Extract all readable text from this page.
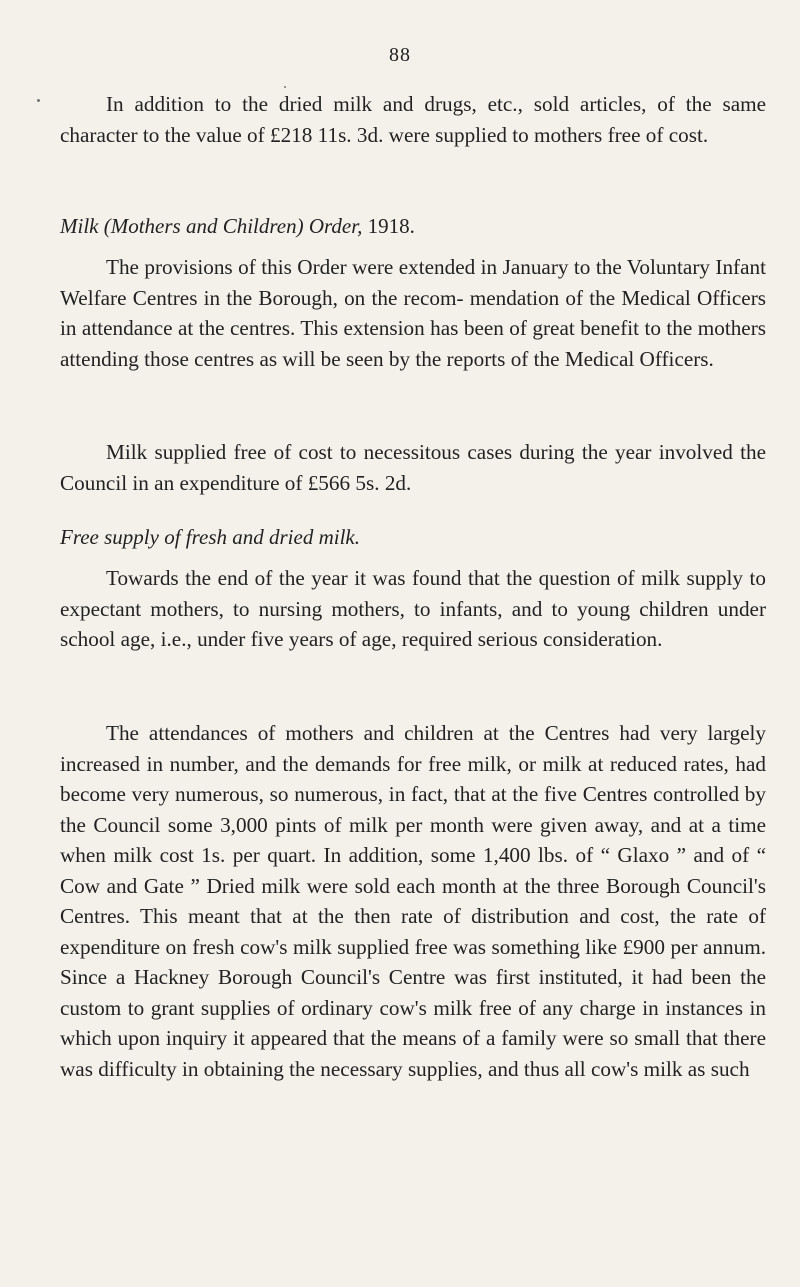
88

In addition to the dried milk and drugs, etc., sold articles, of the same character to the value of £218 11s. 3d. were supplied to mothers free of cost.

Milk (Mothers and Children) Order, 1918.

The provisions of this Order were extended in January to the Voluntary Infant Welfare Centres in the Borough, on the recom- mendation of the Medical Officers in attendance at the centres. This extension has been of great benefit to the mothers attending those centres as will be seen by the reports of the Medical Officers.

Milk supplied free of cost to necessitous cases during the year involved the Council in an expenditure of £566 5s. 2d.

Free supply of fresh and dried milk.

Towards the end of the year it was found that the question of milk supply to expectant mothers, to nursing mothers, to infants, and to young children under school age, i.e., under five years of age, required serious consideration.

The attendances of mothers and children at the Centres had very largely increased in number, and the demands for free milk, or milk at reduced rates, had become very numerous, so numerous, in fact, that at the five Centres controlled by the Council some 3,000 pints of milk per month were given away, and at a time when milk cost 1s. per quart. In addition, some 1,400 lbs. of “ Glaxo ” and of “ Cow and Gate ” Dried milk were sold each month at the three Borough Council's Centres. This meant that at the then rate of distribution and cost, the rate of expenditure on fresh cow's milk supplied free was something like £900 per annum. Since a Hackney Borough Council's Centre was first instituted, it had been the custom to grant supplies of ordinary cow's milk free of any charge in instances in which upon inquiry it appeared that the means of a family were so small that there was difficulty in obtaining the necessary supplies, and thus all cow's milk as such
